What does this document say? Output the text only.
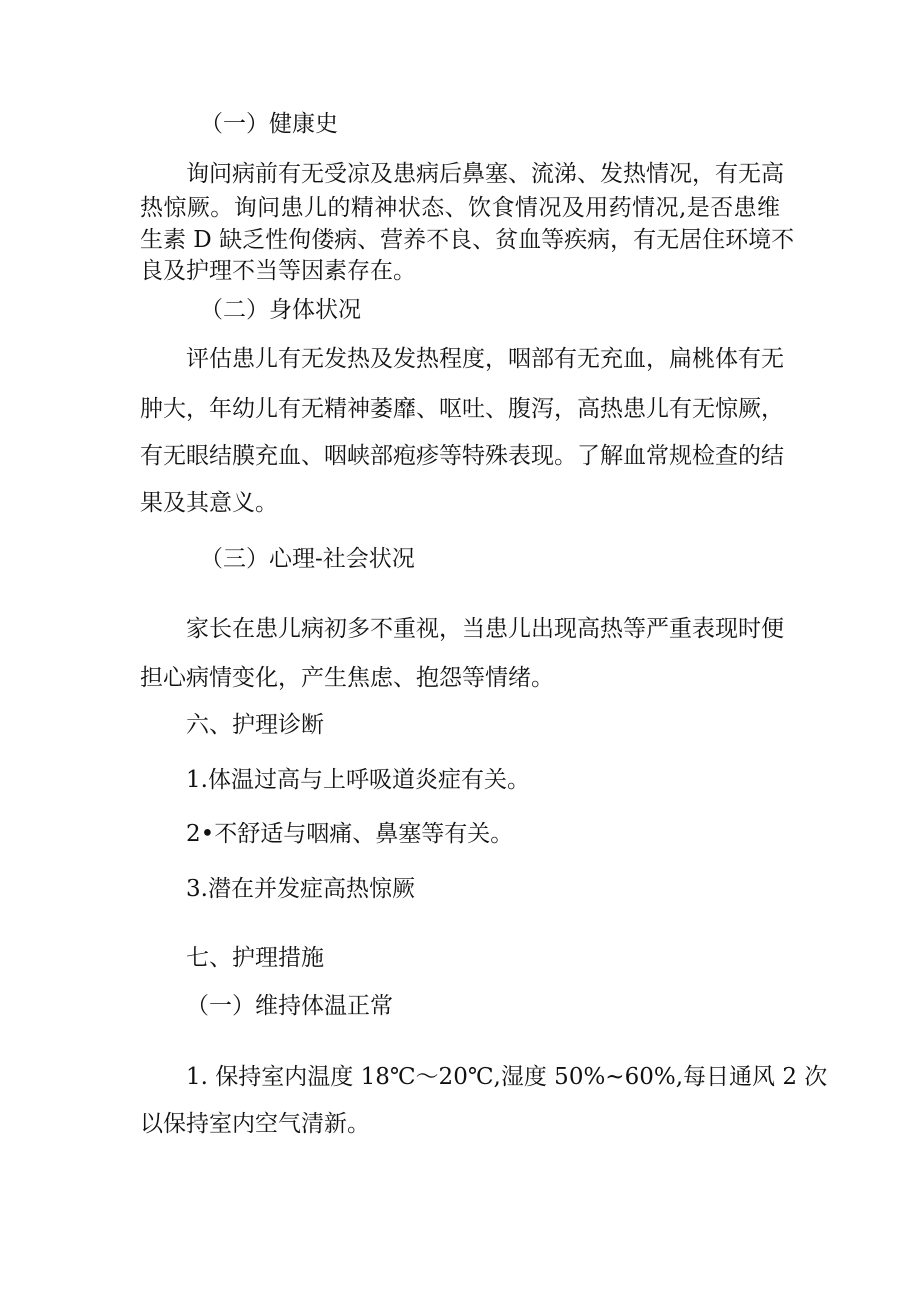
（一）健康史

询问病前有无受凉及患病后鼻塞、流涕、发热情况，有无高

热惊厥。询问患儿的精神状态、饮食情况及用药情况,是否患维

生素 D 缺乏性佝偻病、营养不良、贫血等疾病，有无居住环境不

良及护理不当等因素存在。

（二）身体状况

评估患儿有无发热及发热程度，咽部有无充血，扁桃体有无

肿大，年幼儿有无精神萎靡、呕吐、腹泻，高热患儿有无惊厥，

有无眼结膜充血、咽峡部疱疹等特殊表现。了解血常规检查的结

果及其意义。

（三）心理-社会状况

家长在患儿病初多不重视，当患儿出现高热等严重表现时便

担心病情变化，产生焦虑、抱怨等情绪。

六、护理诊断

1.体温过高与上呼吸道炎症有关。

2•不舒适与咽痛、鼻塞等有关。

3.潜在并发症高热惊厥

七、护理措施

（一）维持体温正常

1. 保持室内温度 18℃～20℃,湿度 50%~60%,每日通风 2 次

以保持室内空气清新。
